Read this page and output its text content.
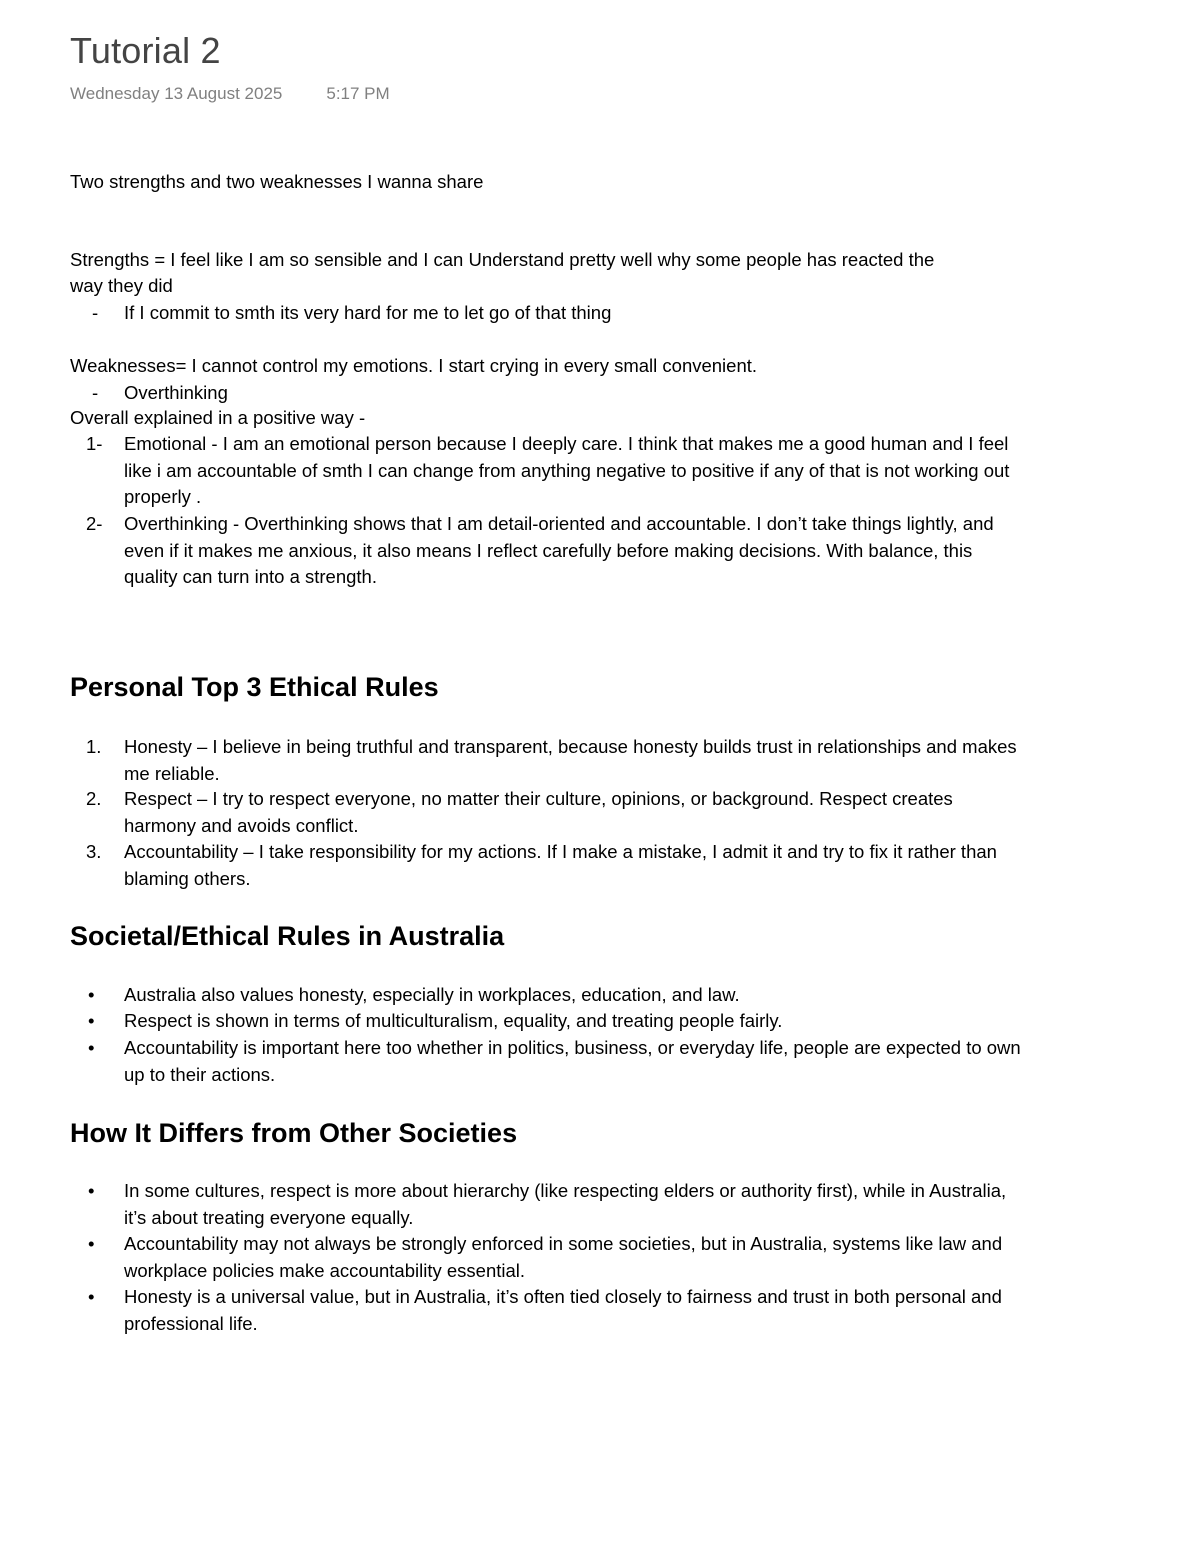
Tutorial 2
Wednesday 13 August 2025	5:17 PM
Two strengths and two weaknesses I wanna share
Strengths = I feel like I am so sensible and I can Understand pretty well why some people has reacted the
way they did
- If I commit to smth its very hard for me to let go of that thing
Weaknesses= I cannot control my emotions. I start crying in every small convenient.
- Overthinking
Overall explained in a positive way -
1- Emotional - I am an emotional person because I deeply care. I think that makes me a good human and I feel like i am accountable of smth I can change from anything negative to positive if any of that is not working out properly .
2- Overthinking - Overthinking shows that I am detail-oriented and accountable. I don’t take things lightly, and even if it makes me anxious, it also means I reflect carefully before making decisions. With balance, this quality can turn into a strength.
Personal Top 3 Ethical Rules
1. Honesty – I believe in being truthful and transparent, because honesty builds trust in relationships and makes me reliable.
2. Respect – I try to respect everyone, no matter their culture, opinions, or background. Respect creates harmony and avoids conflict.
3. Accountability – I take responsibility for my actions. If I make a mistake, I admit it and try to fix it rather than blaming others.
Societal/Ethical Rules in Australia
• Australia also values honesty, especially in workplaces, education, and law.
• Respect is shown in terms of multiculturalism, equality, and treating people fairly.
• Accountability is important here too whether in politics, business, or everyday life, people are expected to own up to their actions.
How It Differs from Other Societies
• In some cultures, respect is more about hierarchy (like respecting elders or authority first), while in Australia, it’s about treating everyone equally.
• Accountability may not always be strongly enforced in some societies, but in Australia, systems like law and workplace policies make accountability essential.
• Honesty is a universal value, but in Australia, it’s often tied closely to fairness and trust in both personal and professional life.
